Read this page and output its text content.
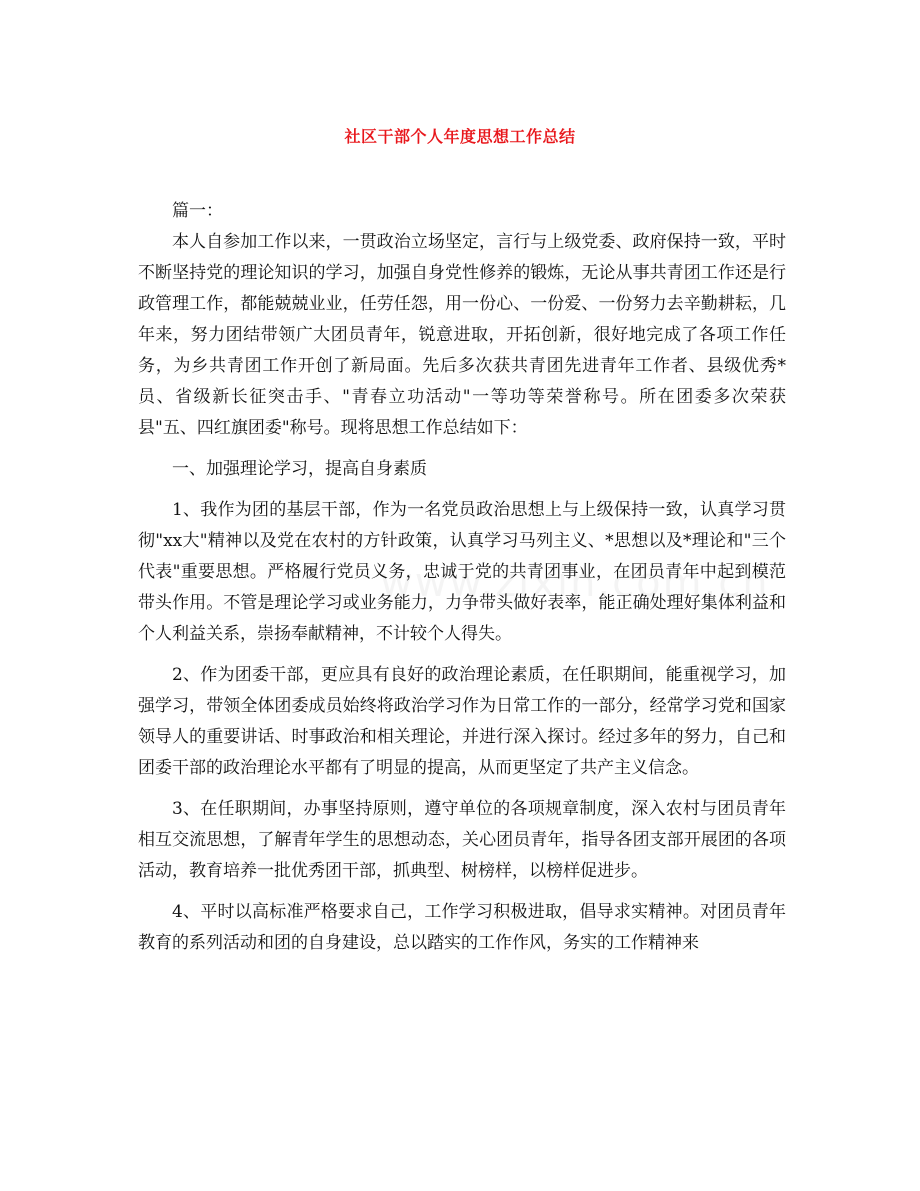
社区干部个人年度思想工作总结

篇一：

本人自参加工作以来，一贯政治立场坚定，言行与上级党委、政府保持一致，平时不断坚持党的理论知识的学习，加强自身党性修养的锻炼，无论从事共青团工作还是行政管理工作，都能兢兢业业，任劳任怨，用一份心、一份爱、一份努力去辛勤耕耘，几年来，努力团结带领广大团员青年，锐意进取，开拓创新，很好地完成了各项工作任务，为乡共青团工作开创了新局面。先后多次获共青团先进青年工作者、县级优秀*员、省级新长征突击手、"青春立功活动"一等功等荣誉称号。所在团委多次荣获县"五、四红旗团委"称号。现将思想工作总结如下：

一、加强理论学习，提高自身素质

1、我作为团的基层干部，作为一名党员政治思想上与上级保持一致，认真学习贯彻"xx大"精神以及党在农村的方针政策，认真学习马列主义、*思想以及*理论和"三个代表"重要思想。严格履行党员义务，忠诚于党的共青团事业，在团员青年中起到模范带头作用。不管是理论学习或业务能力，力争带头做好表率，能正确处理好集体利益和个人利益关系，崇扬奉献精神，不计较个人得失。

2、作为团委干部，更应具有良好的政治理论素质，在任职期间，能重视学习，加强学习，带领全体团委成员始终将政治学习作为日常工作的一部分，经常学习党和国家领导人的重要讲话、时事政治和相关理论，并进行深入探讨。经过多年的努力，自己和团委干部的政治理论水平都有了明显的提高，从而更坚定了共产主义信念。

3、在任职期间，办事坚持原则，遵守单位的各项规章制度，深入农村与团员青年相互交流思想，了解青年学生的思想动态，关心团员青年，指导各团支部开展团的各项活动，教育培养一批优秀团干部，抓典型、树榜样，以榜样促进步。

4、平时以高标准严格要求自己，工作学习积极进取，倡导求实精神。对团员青年教育的系列活动和团的自身建设，总以踏实的工作作风，务实的工作精神来
